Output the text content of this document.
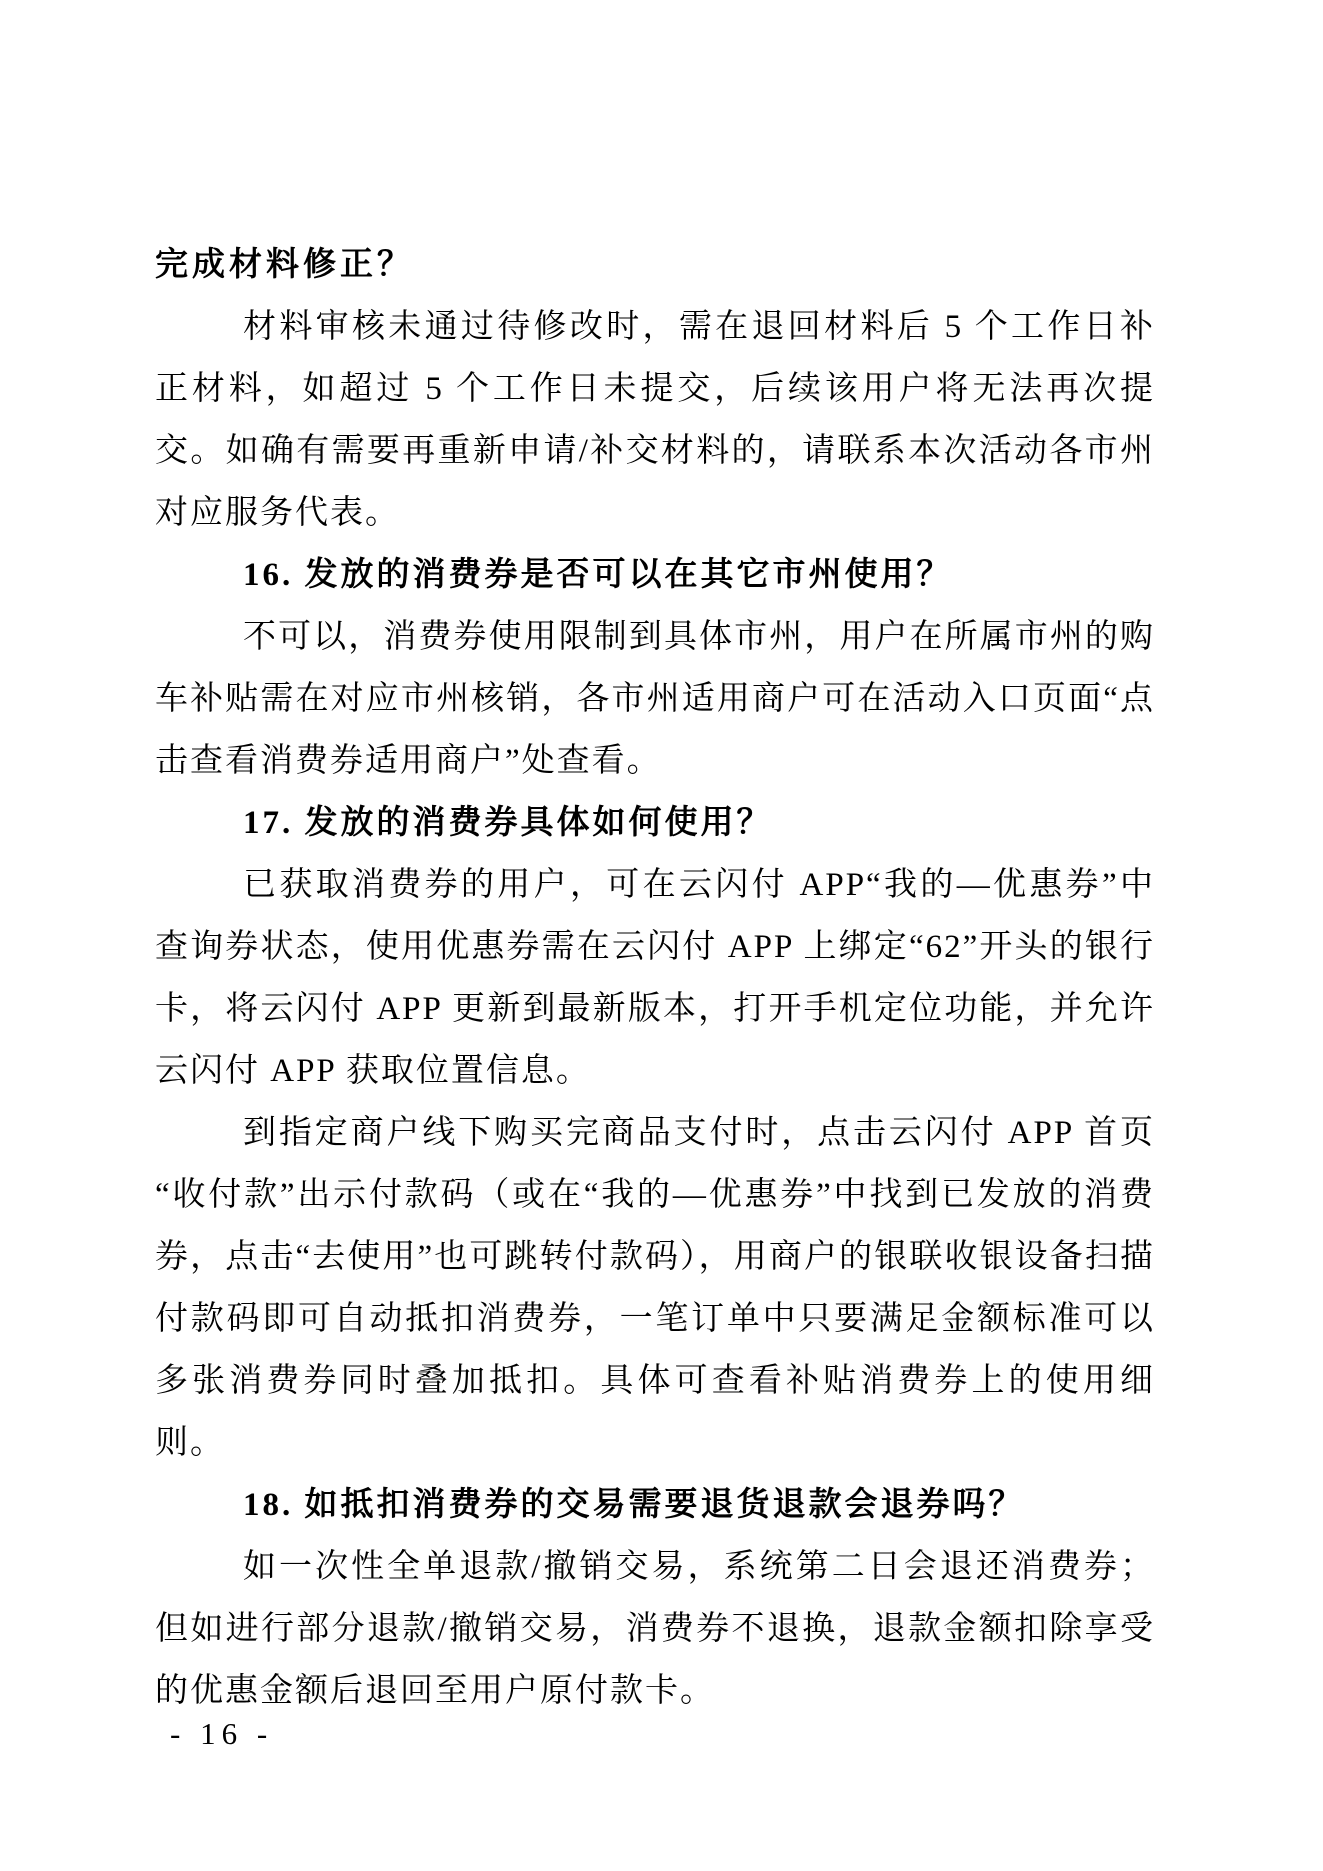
完成材料修正？

材料审核未通过待修改时，需在退回材料后 5 个工作日补正材料，如超过 5 个工作日未提交，后续该用户将无法再次提交。如确有需要再重新申请/补交材料的，请联系本次活动各市州对应服务代表。

16. 发放的消费券是否可以在其它市州使用？

不可以，消费券使用限制到具体市州，用户在所属市州的购车补贴需在对应市州核销，各市州适用商户可在活动入口页面“点击查看消费券适用商户”处查看。

17. 发放的消费券具体如何使用？

已获取消费券的用户，可在云闪付 APP“我的—优惠券”中查询券状态，使用优惠券需在云闪付 APP 上绑定“62”开头的银行卡，将云闪付 APP 更新到最新版本，打开手机定位功能，并允许云闪付 APP 获取位置信息。

到指定商户线下购买完商品支付时，点击云闪付 APP 首页“收付款”出示付款码（或在“我的—优惠券”中找到已发放的消费券，点击“去使用”也可跳转付款码），用商户的银联收银设备扫描付款码即可自动抵扣消费券，一笔订单中只要满足金额标准可以多张消费券同时叠加抵扣。具体可查看补贴消费券上的使用细则。

18. 如抵扣消费券的交易需要退货退款会退券吗？

如一次性全单退款/撤销交易，系统第二日会退还消费券；但如进行部分退款/撤销交易，消费券不退换，退款金额扣除享受的优惠金额后退回至用户原付款卡。

- 16 -
